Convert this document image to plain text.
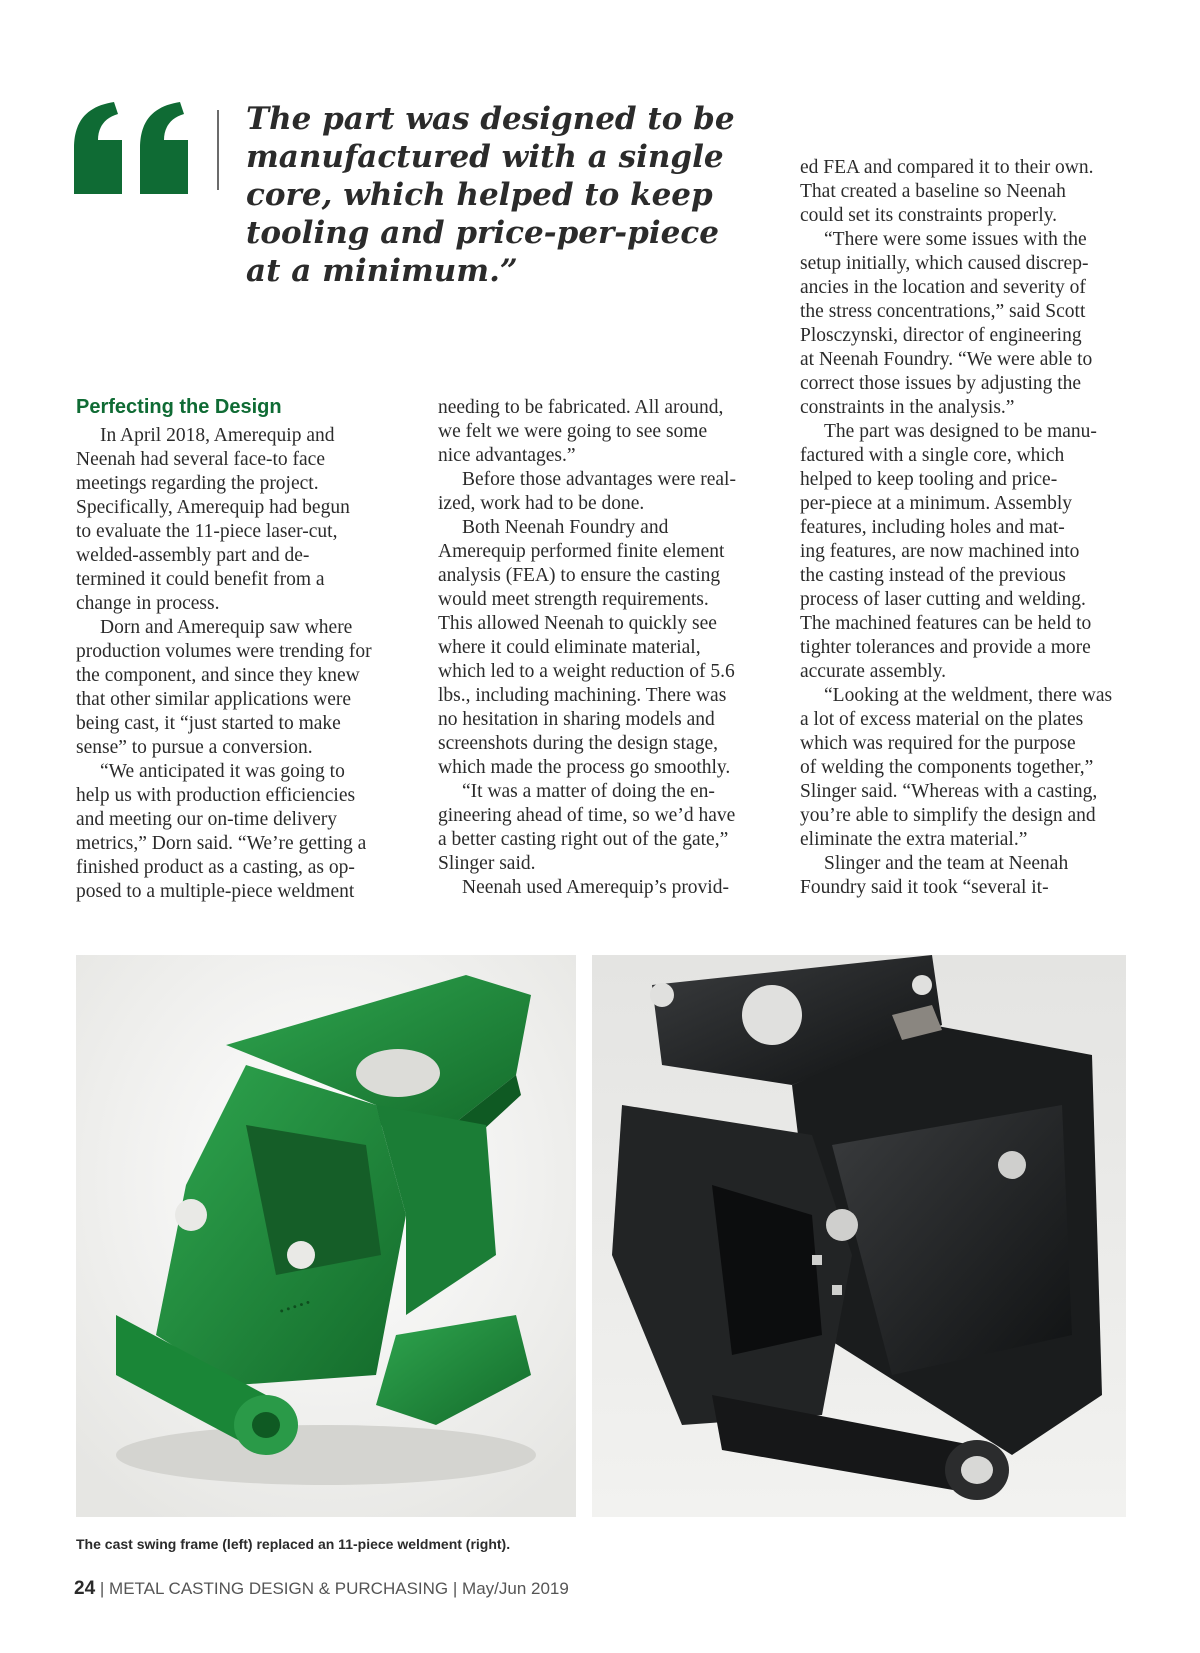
The part was designed to be
manufactured with a single
core, which helped to keep
tooling and price-per-piece
at a minimum.”
Perfecting the Design
In April 2018, Amerequip and
Neenah had several face-to face
meetings regarding the project.
Specifically, Amerequip had begun
to evaluate the 11-piece laser-cut,
welded-assembly part and de-
termined it could benefit from a
change in process.
Dorn and Amerequip saw where
production volumes were trending for
the component, and since they knew
that other similar applications were
being cast, it “just started to make
sense” to pursue a conversion.
“We anticipated it was going to
help us with production efficiencies
and meeting our on-time delivery
metrics,” Dorn said. “We’re getting a
finished product as a casting, as op-
posed to a multiple-piece weldment
needing to be fabricated. All around,
we felt we were going to see some
nice advantages.”
Before those advantages were real-
ized, work had to be done.
Both Neenah Foundry and
Amerequip performed finite element
analysis (FEA) to ensure the casting
would meet strength requirements.
This allowed Neenah to quickly see
where it could eliminate material,
which led to a weight reduction of 5.6
lbs., including machining. There was
no hesitation in sharing models and
screenshots during the design stage,
which made the process go smoothly.
“It was a matter of doing the en-
gineering ahead of time, so we’d have
a better casting right out of the gate,”
Slinger said.
Neenah used Amerequip’s provid-
ed FEA and compared it to their own.
That created a baseline so Neenah
could set its constraints properly.
“There were some issues with the
setup initially, which caused discrep-
ancies in the location and severity of
the stress concentrations,” said Scott
Plosczynski, director of engineering
at Neenah Foundry. “We were able to
correct those issues by adjusting the
constraints in the analysis.”
The part was designed to be manu-
factured with a single core, which
helped to keep tooling and price-
per-piece at a minimum. Assembly
features, including holes and mat-
ing features, are now machined into
the casting instead of the previous
process of laser cutting and welding.
The machined features can be held to
tighter tolerances and provide a more
accurate assembly.
“Looking at the weldment, there was
a lot of excess material on the plates
which was required for the purpose
of welding the components together,”
Slinger said. “Whereas with a casting,
you’re able to simplify the design and
eliminate the extra material.”
Slinger and the team at Neenah
Foundry said it took “several it-
• • • • •
The cast swing frame (left) replaced an 11-piece weldment (right).
24 | METAL CASTING DESIGN & PURCHASING | May/Jun 2019
